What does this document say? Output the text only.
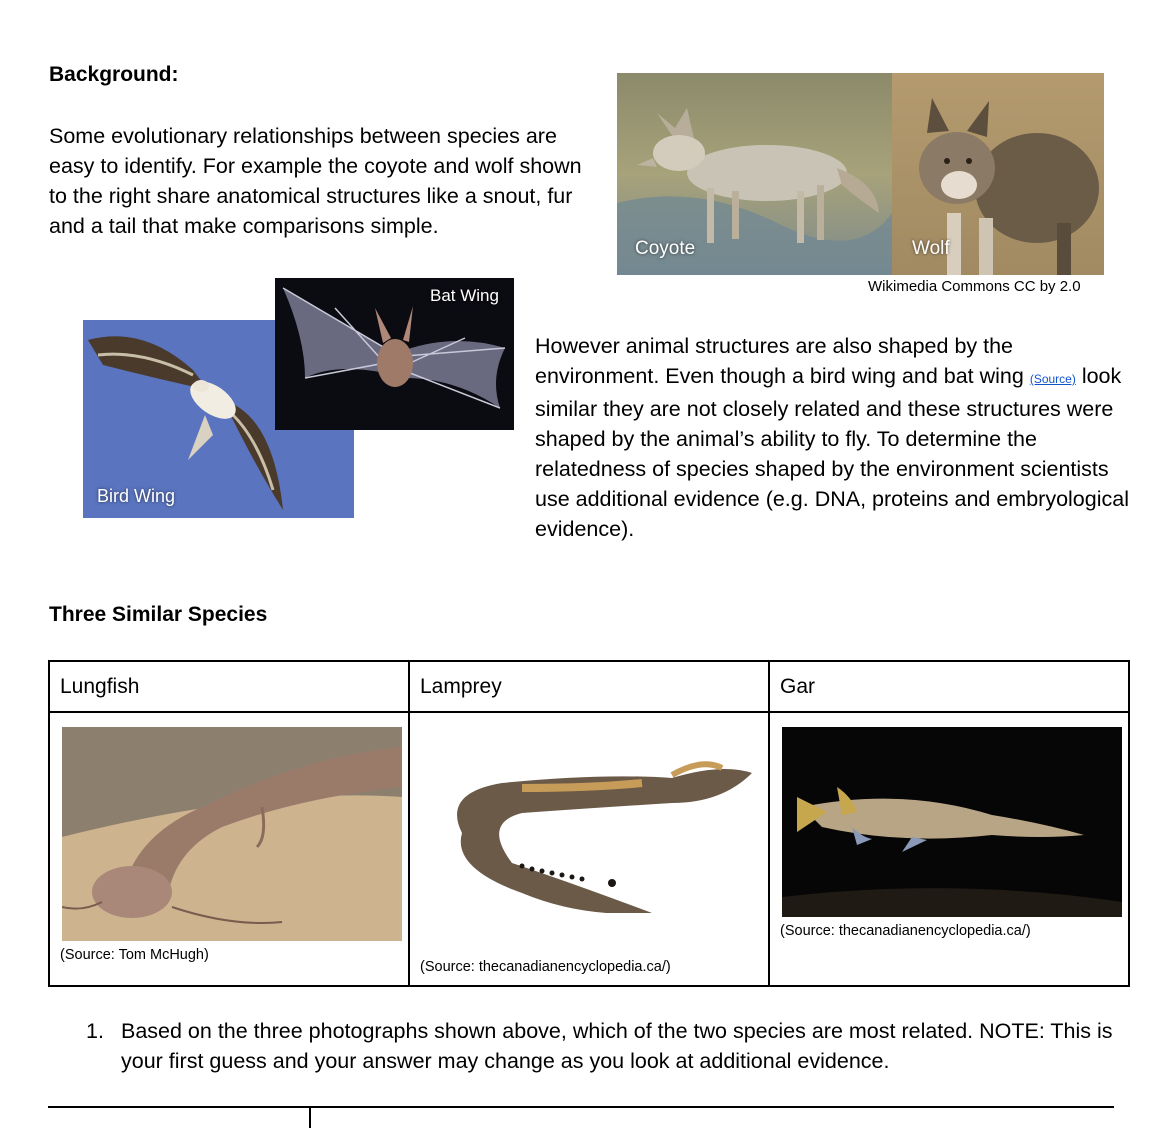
Background:
Some evolutionary relationships between species are easy to identify. For example the coyote and wolf shown to the right share anatomical structures like a snout, fur and a tail that make comparisons simple.
Coyote	Wolf
Wikimedia Commons CC by 2.0
Bird Wing
Bat Wing
However animal structures are also shaped by the environment. Even though a bird wing and bat wing (Source) look similar they are not closely related and these structures were shaped by the animal’s ability to fly. To determine the relatedness of species shaped by the environment scientists use additional evidence (e.g. DNA, proteins and embryological evidence).
Three Similar Species
Lungfish	Lamprey	Gar

(Source: Tom McHugh)	(Source: thecanadianencyclopedia.ca/)	(Source: thecanadianencyclopedia.ca/)
1. Based on the three photographs shown above, which of the two species are most related. NOTE: This is your first guess and your answer may change as you look at additional evidence.
